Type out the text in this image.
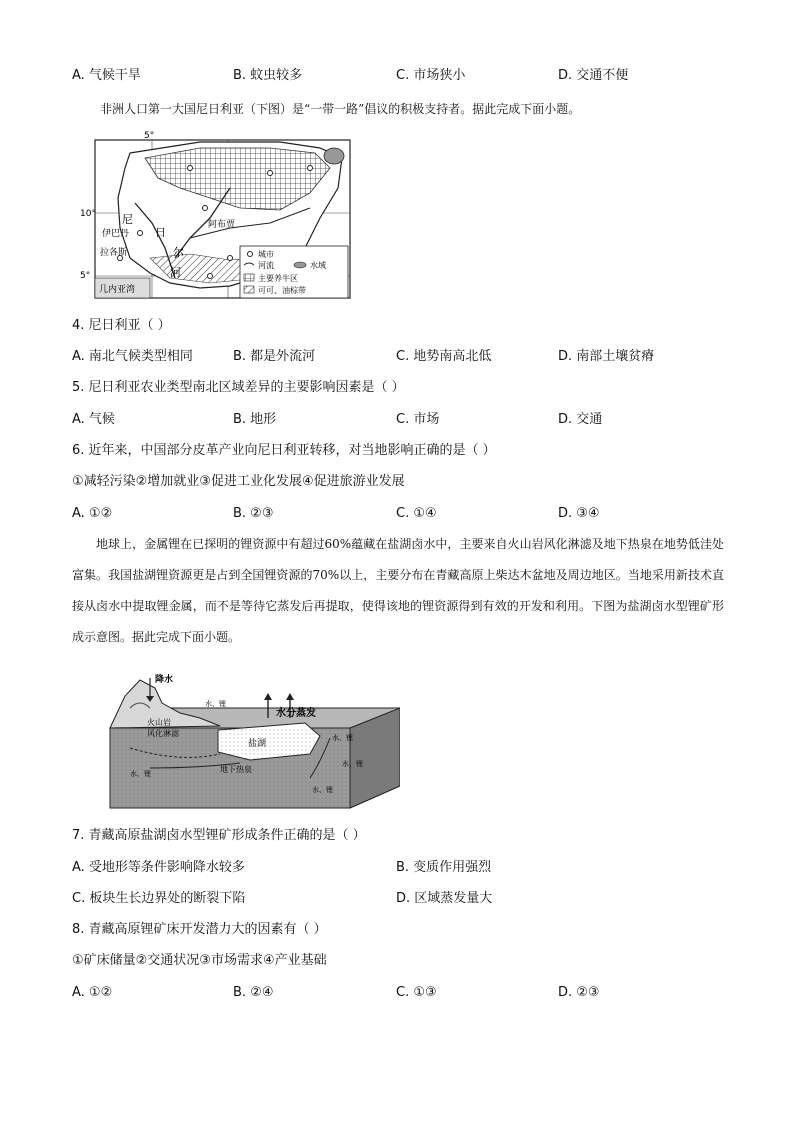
A. 气候干旱	B. 蚊虫较多	C. 市场狭小	D. 交通不便
非洲人口第一大国尼日利亚（下图）是“一带一路”倡议的积极支持者。据此完成下面小题。
5°
10°
5°
尼
日
尔
河
阿布贾
伊巴丹
拉各斯
几内亚湾
城市
河流	水域
主要养牛区
可可、油棕带
4. 尼日利亚（ ）
A. 南北气候类型相同	B. 都是外流河	C. 地势南高北低	D. 南部土壤贫瘠
5. 尼日利亚农业类型南北区域差异的主要影响因素是（ ）
A. 气候	B. 地形	C. 市场	D. 交通
6. 近年来，中国部分皮革产业向尼日利亚转移，对当地影响正确的是（ ）
①减轻污染②增加就业③促进工业化发展④促进旅游业发展
A. ①②	B. ②③	C. ①④	D. ③④

地球上，金属锂在已探明的锂资源中有超过60%蕴藏在盐湖卤水中，主要来自火山岩风化淋滤及地下热泉在地势低洼处富集。我国盐湖锂资源更是占到全国锂资源的70%以上，主要分布在青藏高原上柴达木盆地及周边地区。当地采用新技术直接从卤水中提取锂金属，而不是等待它蒸发后再提取，使得该地的锂资源得到有效的开发和利用。下图为盐湖卤水型锂矿形成示意图。据此完成下面小题。

降水
水分蒸发
盐湖
火山岩
风化淋滤
地下热泉
水、锂
水、锂
水、锂
水、锂
水、锂
7. 青藏高原盐湖卤水型锂矿形成条件正确的是（ ）
A. 受地形等条件影响降水较多	B. 变质作用强烈
C. 板块生长边界处的断裂下陷	D. 区域蒸发量大
8. 青藏高原锂矿床开发潜力大的因素有（ ）
①矿床储量②交通状况③市场需求④产业基础
A. ①②	B. ②④	C. ①③	D. ②③
